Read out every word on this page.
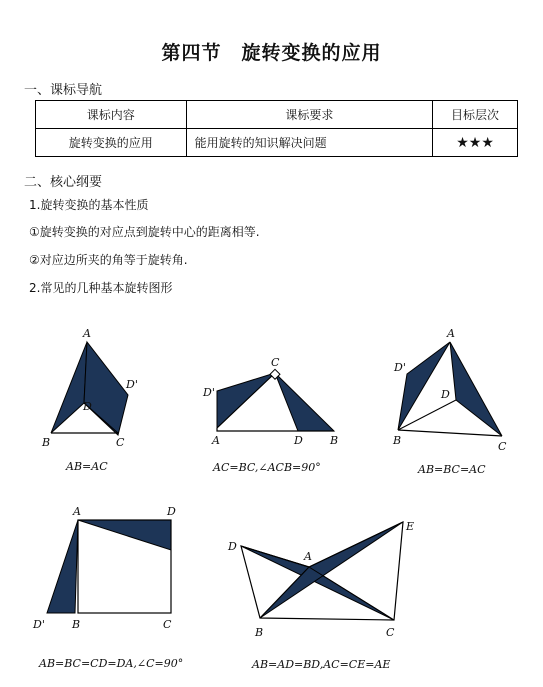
第四节　旋转变换的应用
一、课标导航
课标内容	课标要求	目标层次
旋转变换的应用	能用旋转的知识解决问题	★★★
二、核心纲要
1.旋转变换的基本性质
①旋转变换的对应点到旋转中心的距离相等.
②对应边所夹的角等于旋转角.
2.常见的几种基本旋转图形
A
D
D'
B	C
AB=AC
C
D'
A	D B
AC=BC,∠ACB=90°
A
D'
D
B	C
AB=BC=AC
A	D
D' B	C
AB=BC=CD=DA,∠C=90°
E
D
A
B	C
AB=AD=BD,AC=CE=AE
